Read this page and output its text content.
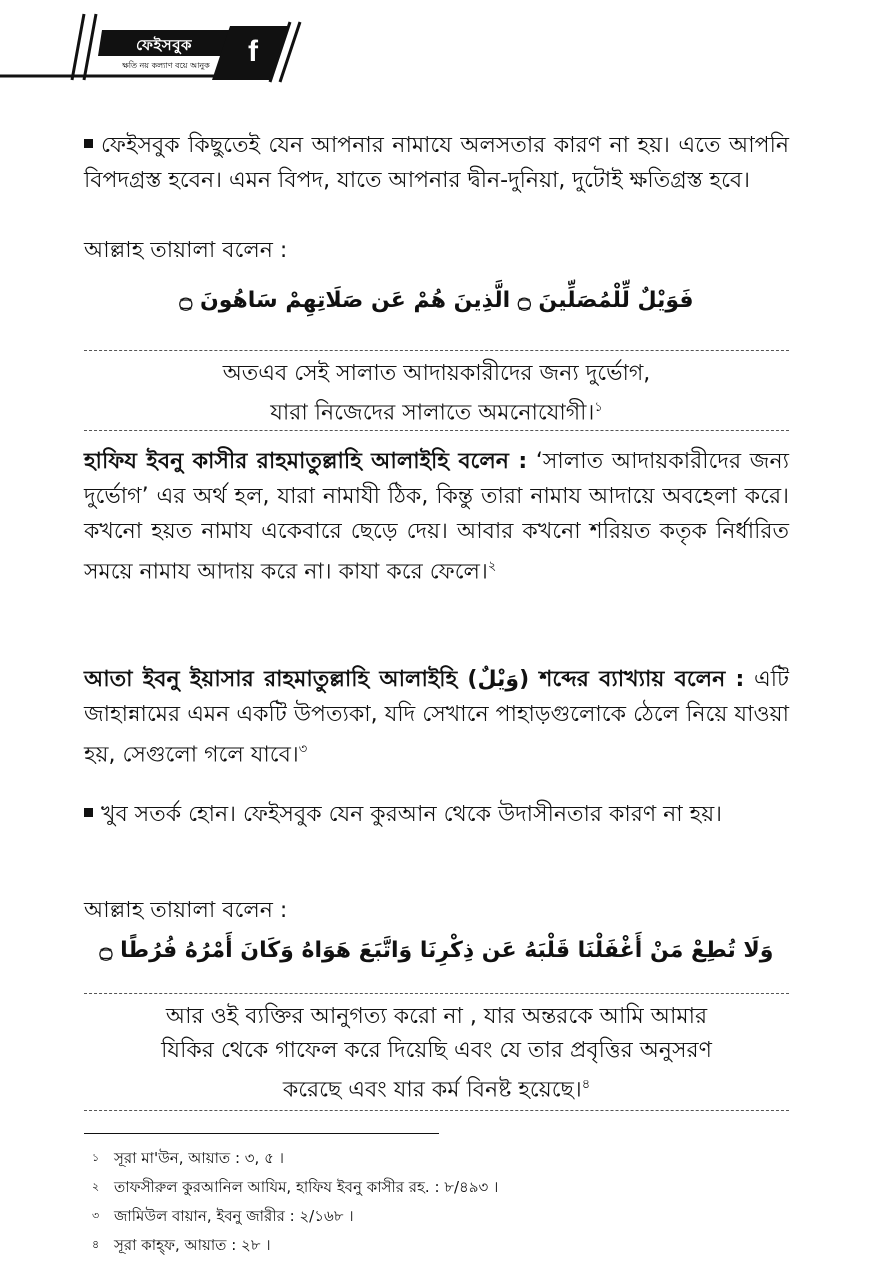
ফেইসবুক
ক্ষতি নয় কল্যাণ বয়ে আনুক	f

ফেইসবুক কিছুতেই যেন আপনার নামাযে অলসতার কারণ না হয়। এতে আপনি বিপদগ্রস্ত হবেন। এমন বিপদ, যাতে আপনার দ্বীন-দুনিয়া, দুটোই ক্ষতিগ্রস্ত হবে।

আল্লাহ তায়ালা বলেন :

فَوَيْلٌ لِّلْمُصَلِّينَ ۝ الَّذِينَ هُمْ عَن صَلَاتِهِمْ سَاهُونَ ۝
অতএব সেই সালাত আদায়কারীদের জন্য দুর্ভোগ,
যারা নিজেদের সালাতে অমনোযোগী।$^১$

হাফিয ইবনু কাসীর রাহমাতুল্লাহি আলাইহি বলেন : ‘সালাত আদায়কারীদের জন্য দুর্ভোগ’ এর অর্থ হল, যারা নামাযী ঠিক, কিন্তু তারা নামায আদায়ে অবহেলা করে। কখনো হয়ত নামায একেবারে ছেড়ে দেয়। আবার কখনো শরিয়ত কতৃক নির্ধারিত সময়ে নামায আদায় করে না। কাযা করে ফেলে।$^২$

আতা ইবনু ইয়াসার রাহমাতুল্লাহি আলাইহি (وَيْلٌ) শব্দের ব্যাখ্যায় বলেন : এটি জাহান্নামের এমন একটি উপত্যকা, যদি সেখানে পাহাড়গুলোকে ঠেলে নিয়ে যাওয়া হয়, সেগুলো গলে যাবে।$^৩$

খুব সতর্ক হোন। ফেইসবুক যেন কুরআন থেকে উদাসীনতার কারণ না হয়।

আল্লাহ তায়ালা বলেন :

وَلَا تُطِعْ مَنْ أَغْفَلْنَا قَلْبَهُ عَن ذِكْرِنَا وَاتَّبَعَ هَوَاهُ وَكَانَ أَمْرُهُ فُرُطًا ۝
আর ওই ব্যক্তির আনুগত্য করো না , যার অন্তরকে আমি আমার
যিকির থেকে গাফেল করে দিয়েছি এবং যে তার প্রবৃত্তির অনুসরণ
করেছে এবং যার কর্ম বিনষ্ট হয়েছে।$^৪$
১ সূরা মা'উন, আয়াত : ৩, ৫ ।
২ তাফসীরুল কুরআনিল আযিম, হাফিয ইবনু কাসীর রহ. : ৮/৪৯৩ ।
৩ জামিউল বায়ান, ইবনু জারীর : ২/১৬৮ ।
৪ সূরা কাহ্‌ফ, আয়াত : ২৮ ।
